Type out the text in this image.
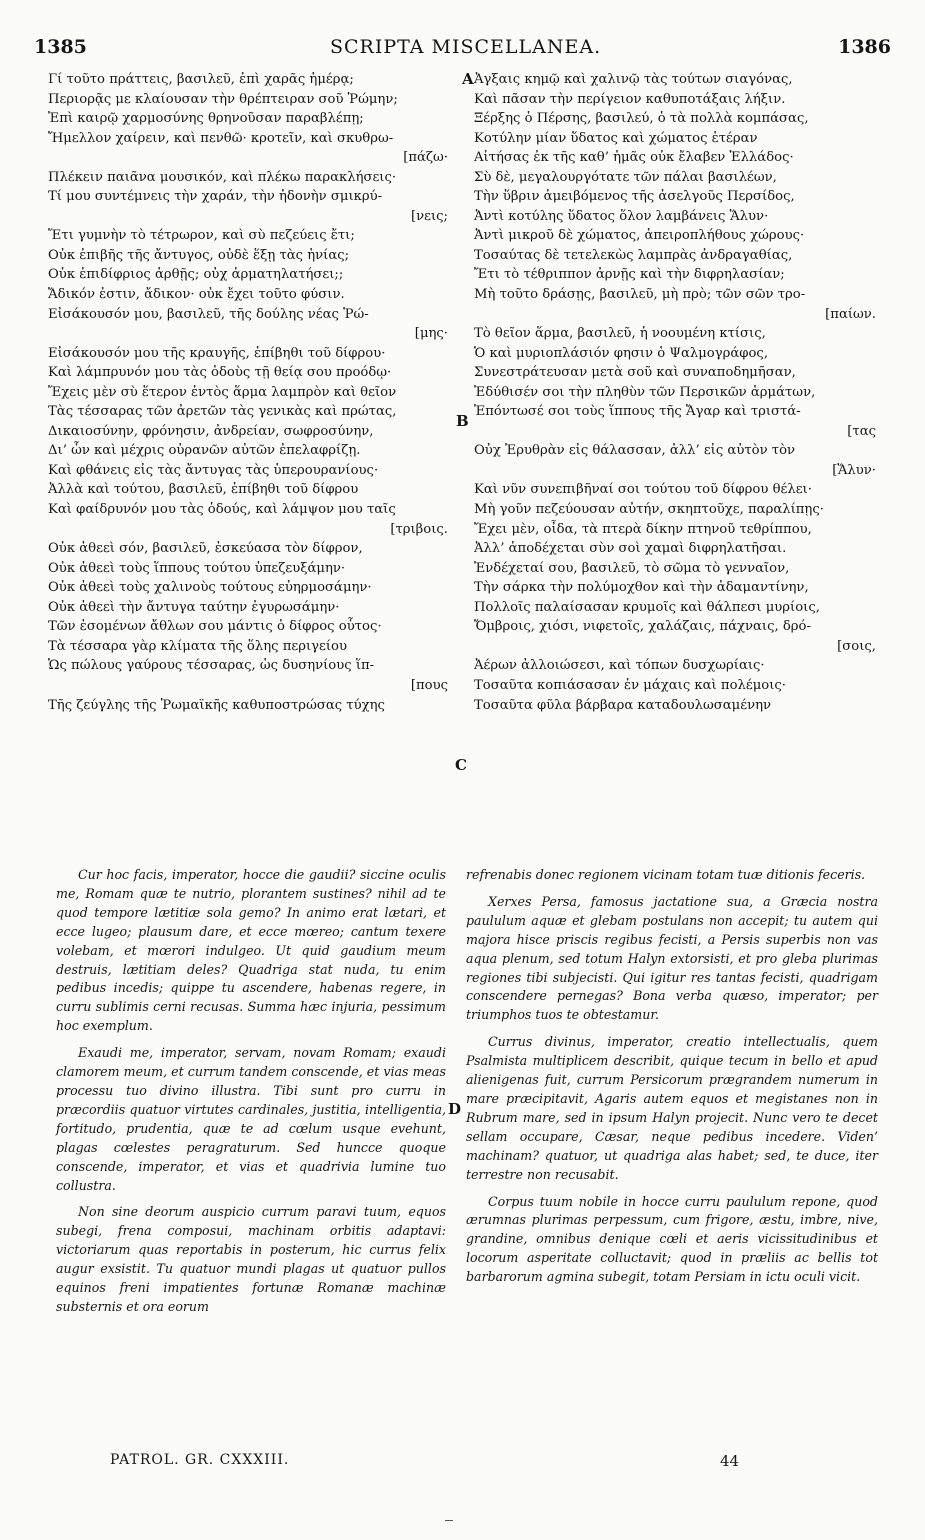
1385	SCRIPTA MISCELLANEA.	1386
A
B
C
D
Γί τοῦτο πράττεις, βασιλεῦ, ἐπὶ χαρᾶς ἡμέρᾳ;
Περιορᾷς με κλαίουσαν τὴν θρέπτειραν σοῦ Ῥώμην;
Ἐπὶ καιρῷ χαρμοσύνης θρηνοῦσαν παραβλέπῃ;
Ἤμελλον χαίρειν, καὶ πενθῶ· κροτεῖν, καὶ σκυθρω-
[πάζω·
Πλέκειν παιᾶνα μουσικόν, καὶ πλέκω παρακλήσεις·
Τί μου συντέμνεις τὴν χαράν, τὴν ἡδονὴν σμικρύ-
[νεις;
Ἔτι γυμνὴν τὸ τέτρωρον, καὶ σὺ πεζεύεις ἔτι;
Οὐκ ἐπιβῆς τῆς ἄντυγος, οὐδὲ ἕξῃ τὰς ἡνίας;
Οὐκ ἐπιδίφριος ἀρθῇς; οὐχ ἁρματηλατήσει;;
Ἄδικόν ἐστιν, ἄδικον· οὐκ ἔχει τοῦτο φύσιν.
Εἰσάκουσόν μου, βασιλεῦ, τῆς δούλης νέας Ῥώ-
[μης·
Εἰσάκουσόν μου τῆς κραυγῆς, ἐπίβηθι τοῦ δίφρου·
Καὶ λάμπρυνόν μου τὰς ὁδοὺς τῇ θείᾳ σου προόδῳ·
Ἔχεις μὲν σὺ ἕτερον ἐντὸς ἅρμα λαμπρὸν καὶ θεῖον
Τὰς τέσσαρας τῶν ἀρετῶν τὰς γενικὰς καὶ πρώτας,
Δικαιοσύνην, φρόνησιν, ἀνδρείαν, σωφροσύνην,
Δι’ ὧν καὶ μέχρις οὐρανῶν αὐτῶν ἐπελαφρίζῃ.
Καὶ φθάνεις εἰς τὰς ἄντυγας τὰς ὑπερουρανίους·
Ἀλλὰ καὶ τούτου, βασιλεῦ, ἐπίβηθι τοῦ δίφρου
Καὶ φαίδρυνόν μου τὰς ὁδούς, καὶ λάμψον μου ταῖς
[τριβοις.
Οὐκ ἀθεεὶ σόν, βασιλεῦ, ἐσκεύασα τὸν δίφρον,
Οὐκ ἀθεεὶ τοὺς ἵππους τούτου ὑπεζευξάμην·
Οὐκ ἀθεεὶ τοὺς χαλινοὺς τούτους εὐηρμοσάμην·
Οὐκ ἀθεεὶ τὴν ἄντυγα ταύτην ἐγυρωσάμην·
Τῶν ἐσομένων ἄθλων σου μάντις ὁ δίφρος οὗτος·
Τὰ τέσσαρα γὰρ κλίματα τῆς ὅλης περιγείου
Ὡς πώλους γαύρους τέσσαρας, ὡς δυσηνίους ἵπ-
[πους
Τῆς ζεύγλης τῆς Ῥωμαϊκῆς καθυποστρώσας τύχης
Ἀγξαις κημῷ καὶ χαλινῷ τὰς τούτων σιαγόνας,
Καὶ πᾶσαν τὴν περίγειον καθυποτάξαις λήξιν.
Ξέρξης ὁ Πέρσης, βασιλεύ, ὁ τὰ πολλὰ κομπάσας,
Κοτύλην μίαν ὕδατος καὶ χώματος ἑτέραν
Αἰτήσας ἐκ τῆς καθ’ ἡμᾶς οὐκ ἔλαβεν Ἑλλάδος·
Σὺ δὲ, μεγαλουργότατε τῶν πάλαι βασιλέων,
Τὴν ὕβριν ἀμειβόμενος τῆς ἀσελγοῦς Περσίδος,
Ἀντὶ κοτύλης ὕδατος ὅλον λαμβάνεις Ἅλυν·
Ἀντὶ μικροῦ δὲ χώματος, ἀπειροπλήθους χώρους·
Τοσαύτας δὲ τετελεκὼς λαμπρὰς ἀνδραγαθίας,
Ἔτι τὸ τέθριππον ἀρνῇς καὶ τὴν διφρηλασίαν;
Μὴ τοῦτο δράσῃς, βασιλεῦ, μὴ πρὸ; τῶν σῶν τρο-
[παίων.
Τὸ θεῖον ἅρμα, βασιλεῦ, ἡ νοουμένη κτίσις,
Ὁ καὶ μυριοπλάσιόν φησιν ὁ Ψαλμογράφος,
Συνεστράτευσαν μετὰ σοῦ καὶ συναποδημῆσαν,
Ἐδύθισέν σοι τὴν πληθὺν τῶν Περσικῶν ἁρμάτων,
Ἐπόντωσέ σοι τοὺς ἵππους τῆς Ἄγαρ καὶ τριστά-
[τας
Οὐχ Ἐρυθρὰν εἰς θάλασσαν, ἀλλ’ εἰς αὐτὸν τὸν
[Ἅλυν·
Καὶ νῦν συνεπιβῆναί σοι τούτου τοῦ δίφρου θέλει·
Μὴ γοῦν πεζεύουσαν αὐτήν, σκηπτοῦχε, παραλίπῃς·
Ἔχει μὲν, οἶδα, τὰ πτερὰ δίκην πτηνοῦ τεθρίππου,
Ἀλλ’ ἀποδέχεται σὺν σοὶ χαμαὶ διφρηλατῆσαι.
Ἐνδέχεταί σου, βασιλεῦ, τὸ σῶμα τὸ γενναῖον,
Τὴν σάρκα τὴν πολύμοχθον καὶ τὴν ἀδαμαντίνην,
Πολλοῖς παλαίσασαν κρυμοῖς καὶ θάλπεσι μυρίοις,
Ὄμβροις, χιόσι, νιφετοῖς, χαλάζαις, πάχναις, δρό-
[σοις,
Ἀέρων ἀλλοιώσεσι, καὶ τόπων δυσχωρίαις·
Τοσαῦτα κοπιάσασαν ἐν μάχαις καὶ πολέμοις·
Τοσαῦτα φῦλα βάρβαρα καταδουλωσαμένην

Cur hoc facis, imperator, hocce die gaudii? siccine oculis me, Romam quæ te nutrio, plorantem sustines? nihil ad te quod tempore lætitiæ sola gemo? In animo erat lætari, et ecce lugeo; plausum dare, et ecce mœreo; cantum texere volebam, et mœrori indulgeo. Ut quid gaudium meum destruis, lætitiam deles? Quadriga stat nuda, tu enim pedibus incedis; quippe tu ascendere, habenas regere, in curru sublimis cerni recusas. Summa hæc injuria, pessimum hoc exemplum.

Exaudi me, imperator, servam, novam Romam; exaudi clamorem meum, et currum tandem conscende, et vias meas processu tuo divino illustra. Tibi sunt pro curru in præcordiis quatuor virtutes cardinales, justitia, intelligentia, fortitudo, prudentia, quæ te ad cœlum usque evehunt, plagas cœlestes peragraturum. Sed huncce quoque conscende, imperator, et vias et quadrivia lumine tuo collustra.

Non sine deorum auspicio currum paravi tuum, equos subegi, frena composui, machinam orbitis adaptavi: victoriarum quas reportabis in posterum, hic currus felix augur exsistit. Tu quatuor mundi plagas ut quatuor pullos equinos freni impatientes fortunæ Romanæ machinæ substernis et ora eorum

refrenabis donec regionem vicinam totam tuæ ditionis feceris.

Xerxes Persa, famosus jactatione sua, a Græcia nostra paululum aquæ et glebam postulans non accepit; tu autem qui majora hisce priscis regibus fecisti, a Persis superbis non vas aqua plenum, sed totum Halyn extorsisti, et pro gleba plurimas regiones tibi subjecisti. Qui igitur res tantas fecisti, quadrigam conscendere pernegas? Bona verba quæso, imperator; per triumphos tuos te obtestamur.

Currus divinus, imperator, creatio intellectualis, quem Psalmista multiplicem describit, quique tecum in bello et apud alienigenas fuit, currum Persicorum prægrandem numerum in mare præcipitavit, Agaris autem equos et megistanes non in Rubrum mare, sed in ipsum Halyn projecit. Nunc vero te decet sellam occupare, Cæsar, neque pedibus incedere. Viden’ machinam? quatuor, ut quadriga alas habet; sed, te duce, iter terrestre non recusabit.

Corpus tuum nobile in hocce curru paululum repone, quod ærumnas plurimas perpessum, cum frigore, æstu, imbre, nive, grandine, omnibus denique cœli et aeris vicissitudinibus et locorum asperitate colluctavit; quod in præliis ac bellis tot barbarorum agmina subegit, totam Persiam in ictu oculi vicit.

PATROL. GR. CXXXIII.	44
